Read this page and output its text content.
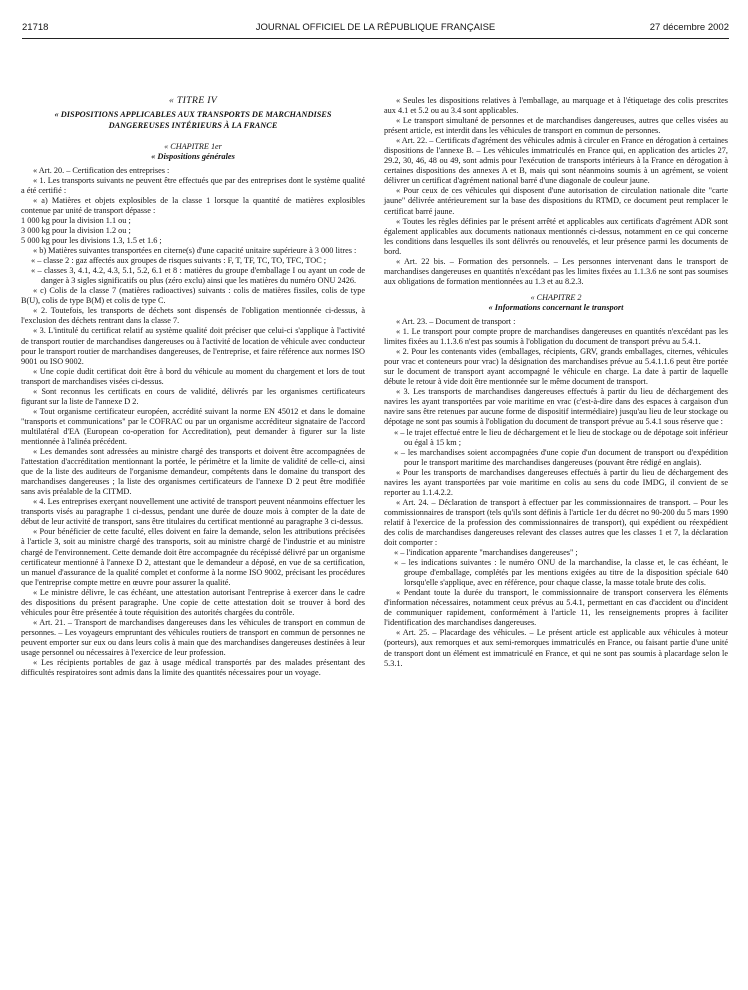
21718	JOURNAL OFFICIEL DE LA RÉPUBLIQUE FRANÇAISE	27 décembre 2002

« TITRE IV

« DISPOSITIONS APPLICABLES AUX TRANSPORTS DE MARCHANDISES DANGEREUSES INTÉRIEURS À LA FRANCE

« CHAPITRE 1er

« Dispositions générales

« Art. 20. – Certification des entreprises :

« 1. Les transports suivants ne peuvent être effectués que par des entreprises dont le système qualité a été certifié :

« a) Matières et objets explosibles de la classe 1 lorsque la quantité de matières explosibles contenue par unité de transport dépasse :

1 000 kg pour la division 1.1 ou ;

3 000 kg pour la division 1.2 ou ;

5 000 kg pour les divisions 1.3, 1.5 et 1.6 ;

« b) Matières suivantes transportées en citerne(s) d'une capacité unitaire supérieure à 3 000 litres :

« – classe 2 : gaz affectés aux groupes de risques suivants : F, T, TF, TC, TO, TFC, TOC ;

« – classes 3, 4.1, 4.2, 4.3, 5.1, 5.2, 6.1 et 8 : matières du groupe d'emballage I ou ayant un code de danger à 3 sigles significatifs ou plus (zéro exclu) ainsi que les matières du numéro ONU 2426.

« c) Colis de la classe 7 (matières radioactives) suivants : colis de matières fissiles, colis de type B(U), colis de type B(M) et colis de type C.

« 2. Toutefois, les transports de déchets sont dispensés de l'obligation mentionnée ci-dessus, à l'exclusion des déchets rentrant dans la classe 7.

« 3. L'intitulé du certificat relatif au système qualité doit préciser que celui-ci s'applique à l'activité de transport routier de marchandises dangereuses ou à l'activité de location de véhicule avec conducteur pour le transport routier de marchandises dangereuses, de l'entreprise, et faire référence aux normes ISO 9001 ou ISO 9002.

« Une copie dudit certificat doit être à bord du véhicule au moment du chargement et lors de tout transport de marchandises visées ci-dessus.

« Sont reconnus les certificats en cours de validité, délivrés par les organismes certificateurs figurant sur la liste de l'annexe D 2.

« Tout organisme certificateur européen, accrédité suivant la norme EN 45012 et dans le domaine "transports et communications" par le COFRAC ou par un organisme accréditeur signataire de l'accord multilatéral d'EA (European co-operation for Accreditation), peut demander à figurer sur la liste mentionnée à l'alinéa précédent.

« Les demandes sont adressées au ministre chargé des transports et doivent être accompagnées de l'attestation d'accréditation mentionnant la portée, le périmètre et la limite de validité de celle-ci, ainsi que de la liste des auditeurs de l'organisme demandeur, compétents dans le domaine du transport des marchandises dangereuses ; la liste des organismes certificateurs de l'annexe D 2 peut être modifiée sans avis préalable de la CITMD.

« 4. Les entreprises exerçant nouvellement une activité de transport peuvent néanmoins effectuer les transports visés au paragraphe 1 ci-dessus, pendant une durée de douze mois à compter de la date de début de leur activité de transport, sans être titulaires du certificat mentionné au paragraphe 3 ci-dessus.

« Pour bénéficier de cette faculté, elles doivent en faire la demande, selon les attributions précisées à l'article 3, soit au ministre chargé des transports, soit au ministre chargé de l'industrie et au ministre chargé de l'environnement. Cette demande doit être accompagnée du récépissé délivré par un organisme certificateur mentionné à l'annexe D 2, attestant que le demandeur a déposé, en vue de sa certification, un manuel d'assurance de la qualité complet et conforme à la norme ISO 9002, précisant les procédures que l'entreprise compte mettre en œuvre pour assurer la qualité.

« Le ministre délivre, le cas échéant, une attestation autorisant l'entreprise à exercer dans le cadre des dispositions du présent paragraphe. Une copie de cette attestation doit se trouver à bord des véhicules pour être présentée à toute réquisition des autorités chargées du contrôle.

« Art. 21. – Transport de marchandises dangereuses dans les véhicules de transport en commun de personnes. – Les voyageurs empruntant des véhicules routiers de transport en commun de personnes ne peuvent emporter sur eux ou dans leurs colis à main que des marchandises dangereuses destinées à leur usage personnel ou nécessaires à l'exercice de leur profession.

« Les récipients portables de gaz à usage médical transportés par des malades présentant des difficultés respiratoires sont admis dans la limite des quantités nécessaires pour un voyage.

« Seules les dispositions relatives à l'emballage, au marquage et à l'étiquetage des colis prescrites aux 4.1 et 5.2 ou au 3.4 sont applicables.

« Le transport simultané de personnes et de marchandises dangereuses, autres que celles visées au présent article, est interdit dans les véhicules de transport en commun de personnes.

« Art. 22. – Certificats d'agrément des véhicules admis à circuler en France en dérogation à certaines dispositions de l'annexe B. – Les véhicules immatriculés en France qui, en application des articles 27, 29.2, 30, 46, 48 ou 49, sont admis pour l'exécution de transports intérieurs à la France en dérogation à certaines dispositions des annexes A et B, mais qui sont néanmoins soumis à un agrément, se voient délivrer un certificat d'agrément national barré d'une diagonale de couleur jaune.

« Pour ceux de ces véhicules qui disposent d'une autorisation de circulation nationale dite "carte jaune" délivrée antérieurement sur la base des dispositions du RTMD, ce document peut remplacer le certificat barré jaune.

« Toutes les règles définies par le présent arrêté et applicables aux certificats d'agrément ADR sont également applicables aux documents nationaux mentionnés ci-dessus, notamment en ce qui concerne les conditions dans lesquelles ils sont délivrés ou renouvelés, et leur présence parmi les documents de bord.

« Art. 22 bis. – Formation des personnels. – Les personnes intervenant dans le transport de marchandises dangereuses en quantités n'excédant pas les limites fixées au 1.1.3.6 ne sont pas soumises aux obligations de formation mentionnées au 1.3 et au 8.2.3.

« CHAPITRE 2

« Informations concernant le transport

« Art. 23. – Document de transport :

« 1. Le transport pour compte propre de marchandises dangereuses en quantités n'excédant pas les limites fixées au 1.1.3.6 n'est pas soumis à l'obligation du document de transport prévu au 5.4.1.

« 2. Pour les contenants vides (emballages, récipients, GRV, grands emballages, citernes, véhicules pour vrac et conteneurs pour vrac) la désignation des marchandises prévue au 5.4.1.1.6 peut être portée sur le document de transport ayant accompagné le véhicule en charge. La date à partir de laquelle débute le retour à vide doit être mentionnée sur le même document de transport.

« 3. Les transports de marchandises dangereuses effectués à partir du lieu de déchargement des navires les ayant transportées par voie maritime en vrac (c'est-à-dire dans des espaces à cargaison d'un navire sans être retenues par aucune forme de dispositif intermédiaire) jusqu'au lieu de leur stockage ou dépotage ne sont pas soumis à l'obligation du document de transport prévue au 5.4.1 sous réserve que :

« – le trajet effectué entre le lieu de déchargement et le lieu de stockage ou de dépotage soit inférieur ou égal à 15 km ;

« – les marchandises soient accompagnées d'une copie d'un document de transport ou d'expédition pour le transport maritime des marchandises dangereuses (pouvant être rédigé en anglais).

« Pour les transports de marchandises dangereuses effectués à partir du lieu de déchargement des navires les ayant transportées par voie maritime en colis au sens du code IMDG, il convient de se reporter au 1.1.4.2.2.

« Art. 24. – Déclaration de transport à effectuer par les commissionnaires de transport. – Pour les commissionnaires de transport (tels qu'ils sont définis à l'article 1er du décret no 90-200 du 5 mars 1990 relatif à l'exercice de la profession des commissionnaires de transport), qui expédient ou réexpédient des colis de marchandises dangereuses relevant des classes autres que les classes 1 et 7, la déclaration doit comporter :

« – l'indication apparente "marchandises dangereuses" ;

« – les indications suivantes : le numéro ONU de la marchandise, la classe et, le cas échéant, le groupe d'emballage, complétés par les mentions exigées au titre de la disposition spéciale 640 lorsqu'elle s'applique, avec en référence, pour chaque classe, la masse totale brute des colis.

« Pendant toute la durée du transport, le commissionnaire de transport conservera les éléments d'information nécessaires, notamment ceux prévus au 5.4.1, permettant en cas d'accident ou d'incident de communiquer rapidement, conformément à l'article 11, les renseignements propres à faciliter l'identification des marchandises dangereuses.

« Art. 25. – Placardage des véhicules. – Le présent article est applicable aux véhicules à moteur (porteurs), aux remorques et aux semi-remorques immatriculés en France, ou faisant partie d'une unité de transport dont un élément est immatriculé en France, et qui ne sont pas soumis à placardage selon le 5.3.1.
